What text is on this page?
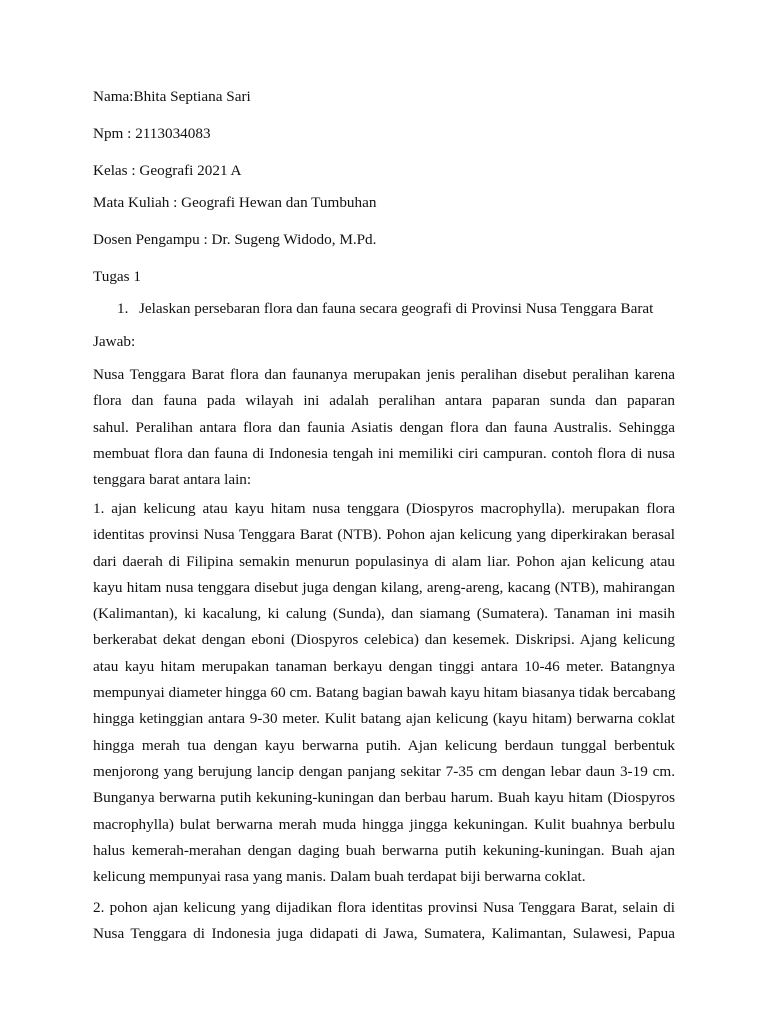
Nama:Bhita Septiana Sari
Npm : 2113034083
Kelas : Geografi 2021 A
Mata Kuliah : Geografi Hewan dan Tumbuhan
Dosen Pengampu : Dr. Sugeng Widodo, M.Pd.
Tugas 1
1. Jelaskan persebaran flora dan fauna secara geografi di Provinsi Nusa Tenggara Barat
Jawab:
Nusa Tenggara Barat flora dan faunanya merupakan jenis peralihan disebut peralihan karena
flora dan fauna pada wilayah ini adalah peralihan antara paparan sunda dan paparan
sahul. Peralihan antara flora dan faunia Asiatis dengan flora dan fauna Australis. Sehingga
membuat flora dan fauna di Indonesia tengah ini memiliki ciri campuran. contoh flora di nusa
tenggara barat antara lain:
1. ajan kelicung atau kayu hitam nusa tenggara (Diospyros macrophylla). merupakan flora
identitas provinsi Nusa Tenggara Barat (NTB). Pohon ajan kelicung yang diperkirakan berasal
dari daerah di Filipina semakin menurun populasinya di alam liar. Pohon ajan kelicung atau
kayu hitam nusa tenggara disebut juga dengan kilang, areng-areng, kacang (NTB), mahirangan
(Kalimantan), ki kacalung, ki calung (Sunda), dan siamang (Sumatera). Tanaman ini masih
berkerabat dekat dengan eboni (Diospyros celebica) dan kesemek. Diskripsi. Ajang kelicung
atau kayu hitam merupakan tanaman berkayu dengan tinggi antara 10-46 meter. Batangnya
mempunyai diameter hingga 60 cm. Batang bagian bawah kayu hitam biasanya tidak bercabang
hingga ketinggian antara 9-30 meter. Kulit batang ajan kelicung (kayu hitam) berwarna coklat
hingga merah tua dengan kayu berwarna putih. Ajan kelicung berdaun tunggal berbentuk
menjorong yang berujung lancip dengan panjang sekitar 7-35 cm dengan lebar daun 3-19 cm.
Bunganya berwarna putih kekuning-kuningan dan berbau harum. Buah kayu hitam (Diospyros
macrophylla) bulat berwarna merah muda hingga jingga kekuningan. Kulit buahnya berbulu
halus kemerah-merahan dengan daging buah berwarna putih kekuning-kuningan. Buah ajan
kelicung mempunyai rasa yang manis. Dalam buah terdapat biji berwarna coklat.
2. pohon ajan kelicung yang dijadikan flora identitas provinsi Nusa Tenggara Barat, selain di
Nusa Tenggara di Indonesia juga didapati di Jawa, Sumatera, Kalimantan, Sulawesi, Papua
